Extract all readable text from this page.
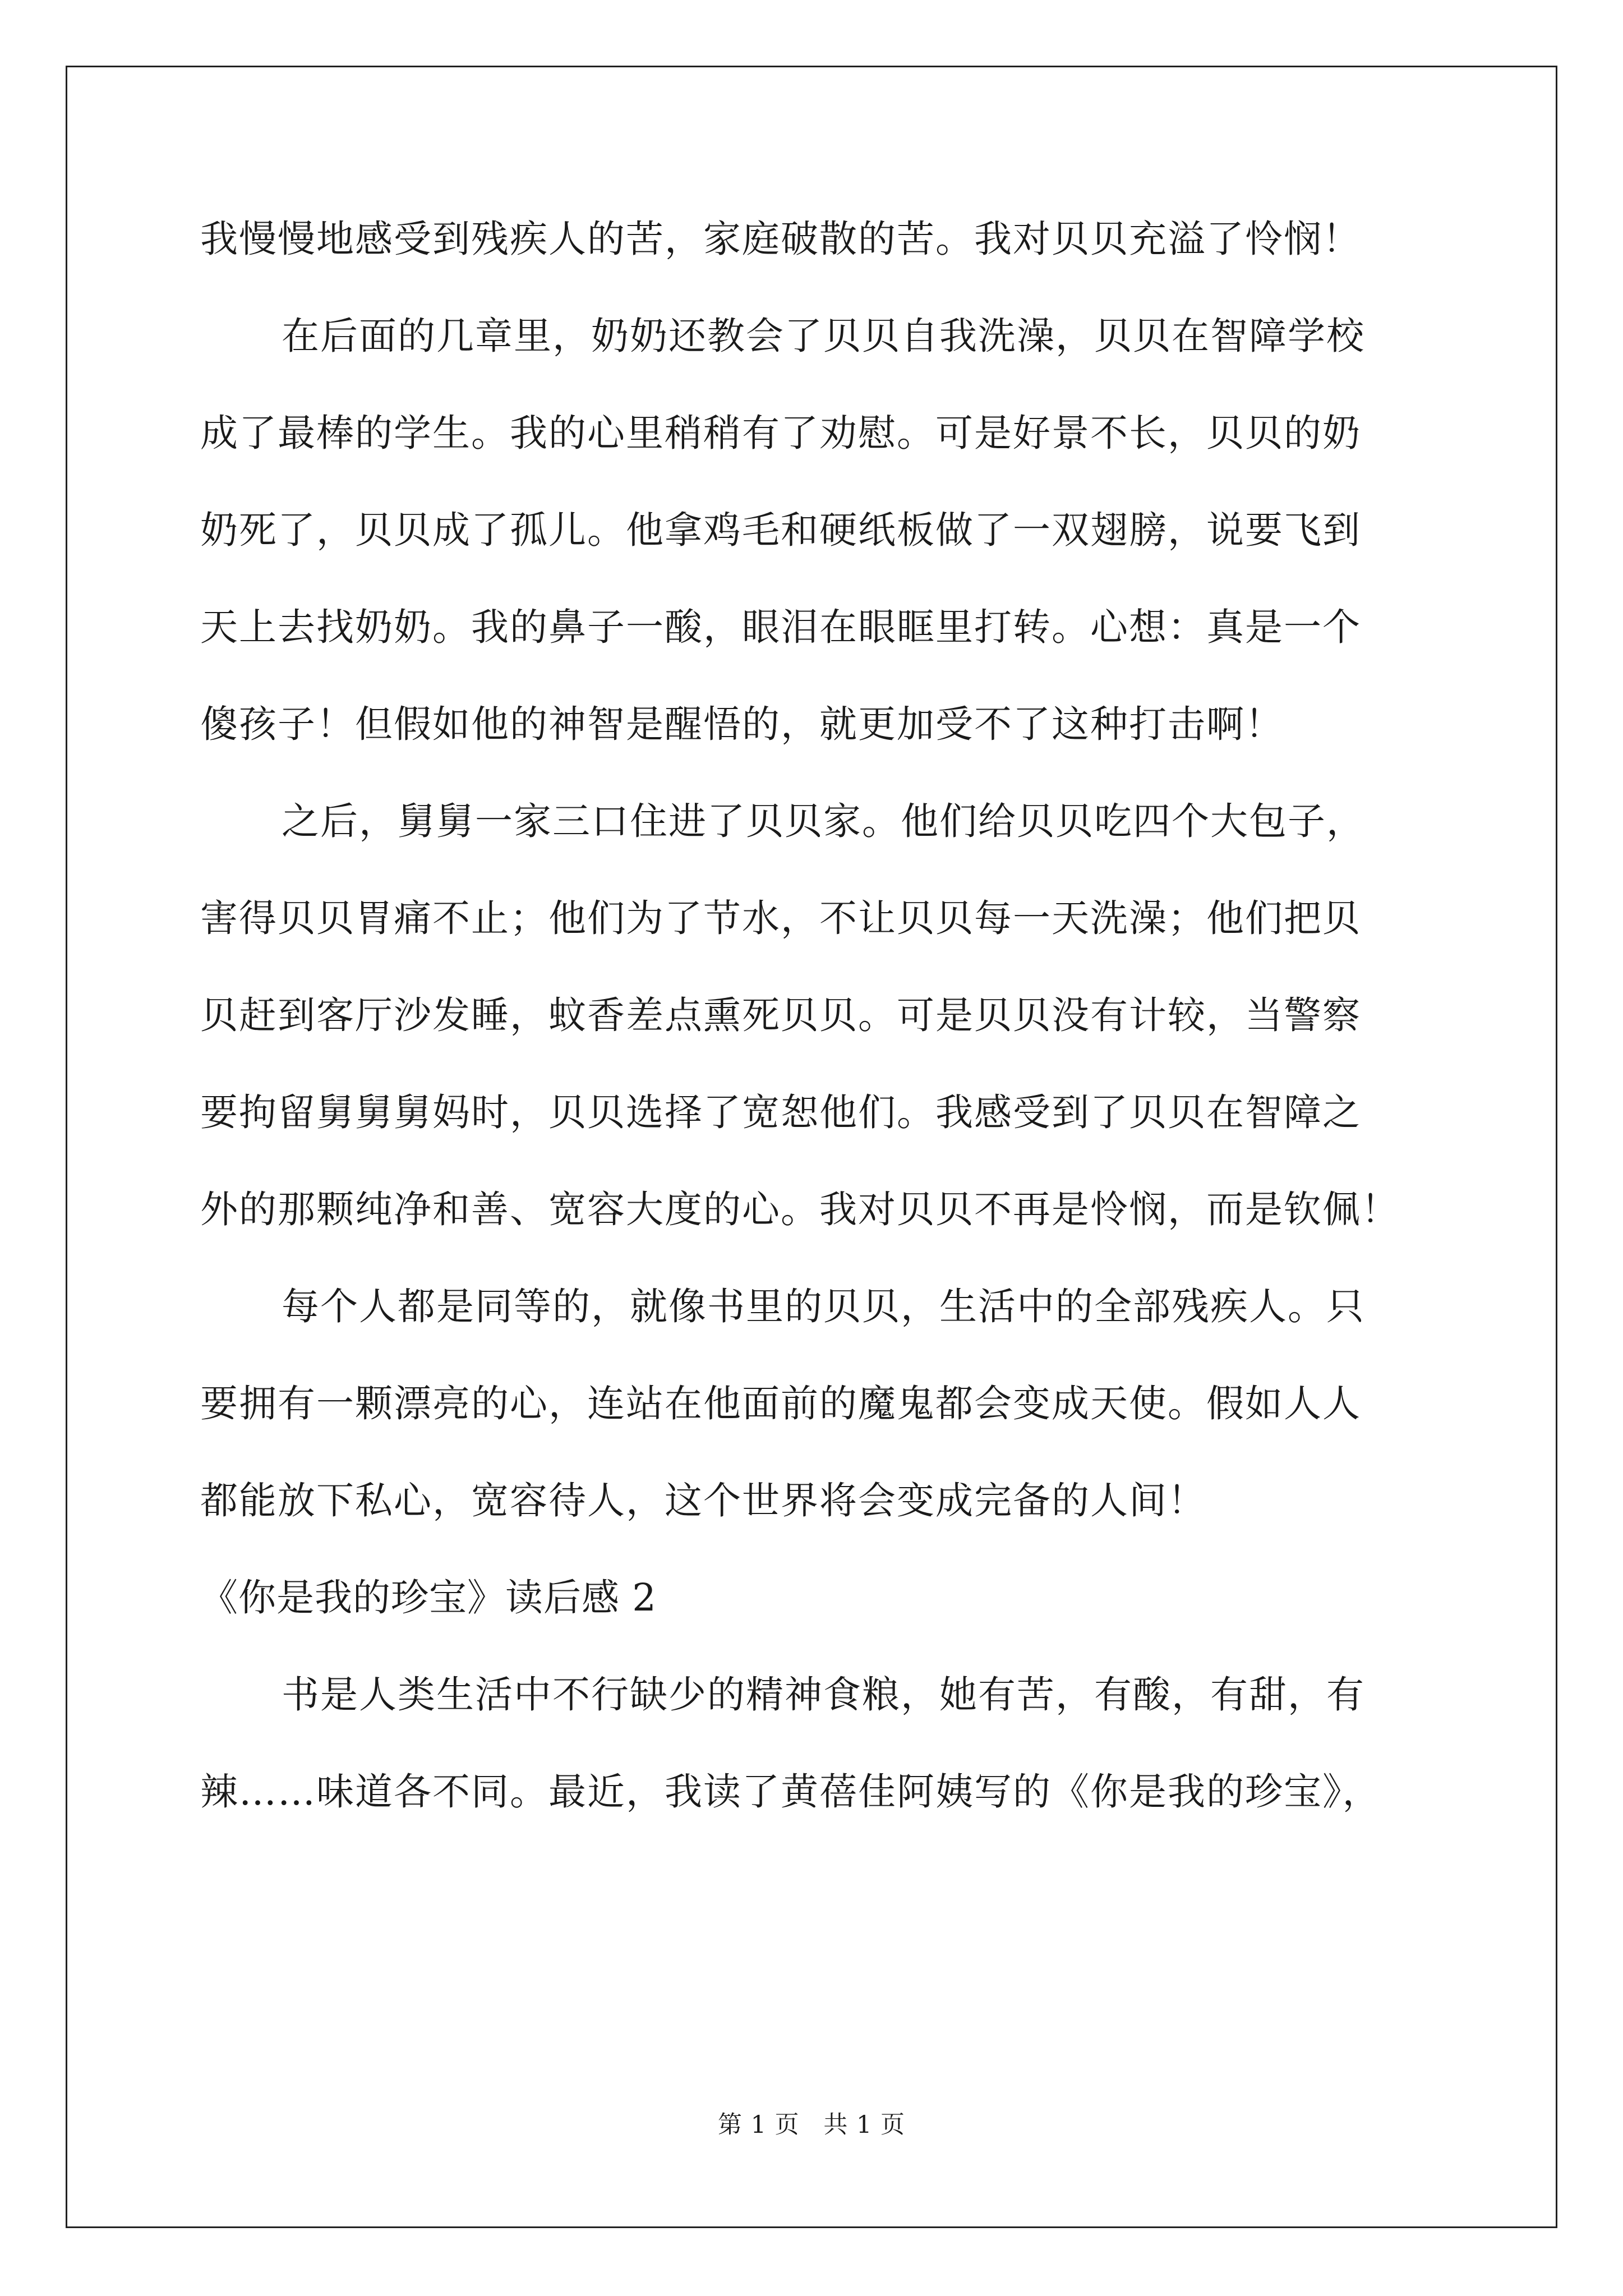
我慢慢地感受到残疾人的苦，家庭破散的苦。我对贝贝充溢了怜悯！
在后面的几章里，奶奶还教会了贝贝自我洗澡，贝贝在智障学校
成了最棒的学生。我的心里稍稍有了劝慰。可是好景不长，贝贝的奶
奶死了，贝贝成了孤儿。他拿鸡毛和硬纸板做了一双翅膀，说要飞到
天上去找奶奶。我的鼻子一酸，眼泪在眼眶里打转。心想：真是一个
傻孩子！但假如他的神智是醒悟的，就更加受不了这种打击啊！
之后，舅舅一家三口住进了贝贝家。他们给贝贝吃四个大包子，
害得贝贝胃痛不止；他们为了节水，不让贝贝每一天洗澡；他们把贝
贝赶到客厅沙发睡，蚊香差点熏死贝贝。可是贝贝没有计较，当警察
要拘留舅舅舅妈时，贝贝选择了宽恕他们。我感受到了贝贝在智障之
外的那颗纯净和善、宽容大度的心。我对贝贝不再是怜悯，而是钦佩！
每个人都是同等的，就像书里的贝贝，生活中的全部残疾人。只
要拥有一颗漂亮的心，连站在他面前的魔鬼都会变成天使。假如人人
都能放下私心，宽容待人，这个世界将会变成完备的人间！
《你是我的珍宝》读后感 2
书是人类生活中不行缺少的精神食粮，她有苦，有酸，有甜，有
辣……味道各不同。最近，我读了黄蓓佳阿姨写的《你是我的珍宝》，
第 1 页 共 1 页
